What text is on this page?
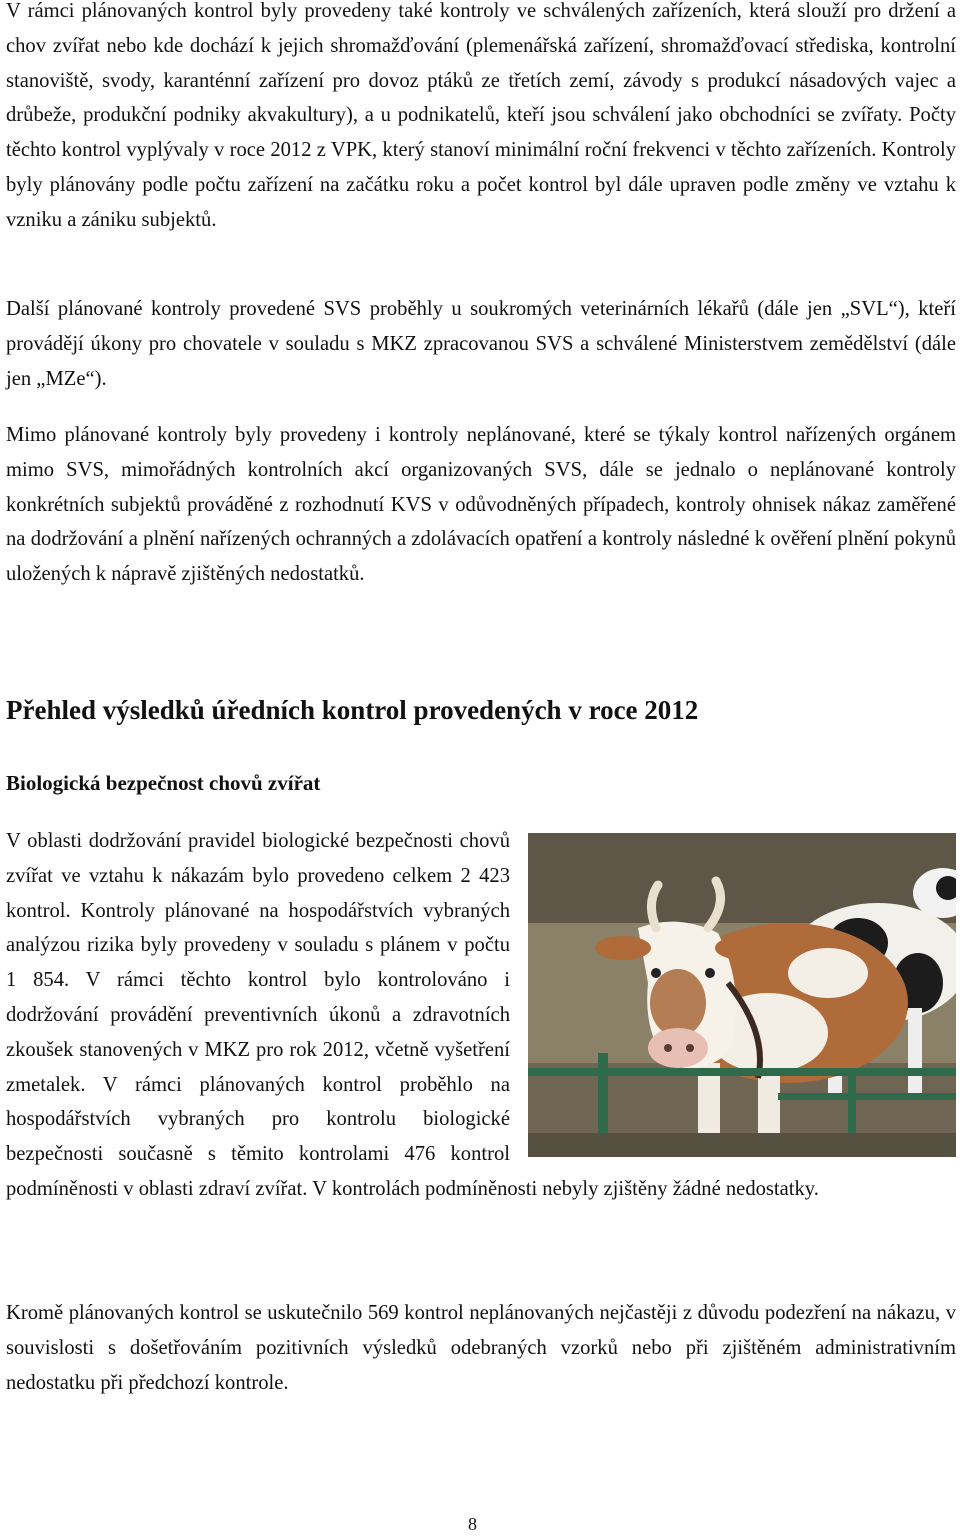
V rámci plánovaných kontrol byly provedeny také kontroly ve schválených zařízeních, která slouží pro držení a chov zvířat nebo kde dochází k jejich shromažďování (plemenářská zařízení, shromažďovací střediska, kontrolní stanoviště, svody, karanténní zařízení pro dovoz ptáků ze třetích zemí, závody s produkcí násadových vajec a drůbeže, produkční podniky akvakultury), a u podnikatelů, kteří jsou schválení jako obchodníci se zvířaty. Počty těchto kontrol vyplývaly v roce 2012 z VPK, který stanoví minimální roční frekvenci v těchto zařízeních. Kontroly byly plánovány podle počtu zařízení na začátku roku a počet kontrol byl dále upraven podle změny ve vztahu k vzniku a zániku subjektů.

Další plánované kontroly provedené SVS proběhly u soukromých veterinárních lékařů (dále jen „SVL“), kteří provádějí úkony pro chovatele v souladu s MKZ zpracovanou SVS a schválené Ministerstvem zemědělství (dále jen „MZe“).

Mimo plánované kontroly byly provedeny i kontroly neplánované, které se týkaly kontrol nařízených orgánem mimo SVS, mimořádných kontrolních akcí organizovaných SVS, dále se jednalo o neplánované kontroly konkrétních subjektů prováděné z rozhodnutí KVS v odůvodněných případech, kontroly ohnisek nákaz zaměřené na dodržování a plnění nařízených ochranných a zdolávacích opatření a kontroly následné k ověření plnění pokynů uložených k nápravě zjištěných nedostatků.

Přehled výsledků úředních kontrol provedených v roce 2012
Biologická bezpečnost chovů zvířat

V oblasti dodržování pravidel biologické bezpečnosti chovů zvířat ve vztahu k nákazám bylo provedeno celkem 2 423 kontrol. Kontroly plánované na hospodářstvích vybraných analýzou rizika byly provedeny v souladu s plánem v počtu 1 854. V rámci těchto kontrol bylo kontrolováno i dodržování provádění preventivních úkonů a zdravotních zkoušek stanovených v MKZ pro rok 2012, včetně vyšetření zmetalek. V rámci plánovaných kontrol proběhlo na hospodářstvích vybraných pro kontrolu biologické bezpečnosti současně s těmito kontrolami 476 kontrol podmíněnosti v oblasti zdraví zvířat. V kontrolách podmíněnosti nebyly zjištěny žádné nedostatky.

Kromě plánovaných kontrol se uskutečnilo 569 kontrol neplánovaných nejčastěji z důvodu podezření na nákazu, v souvislosti s došetřováním pozitivních výsledků odebraných vzorků nebo při zjištěném administrativním nedostatku při předchozí kontrole.

8
